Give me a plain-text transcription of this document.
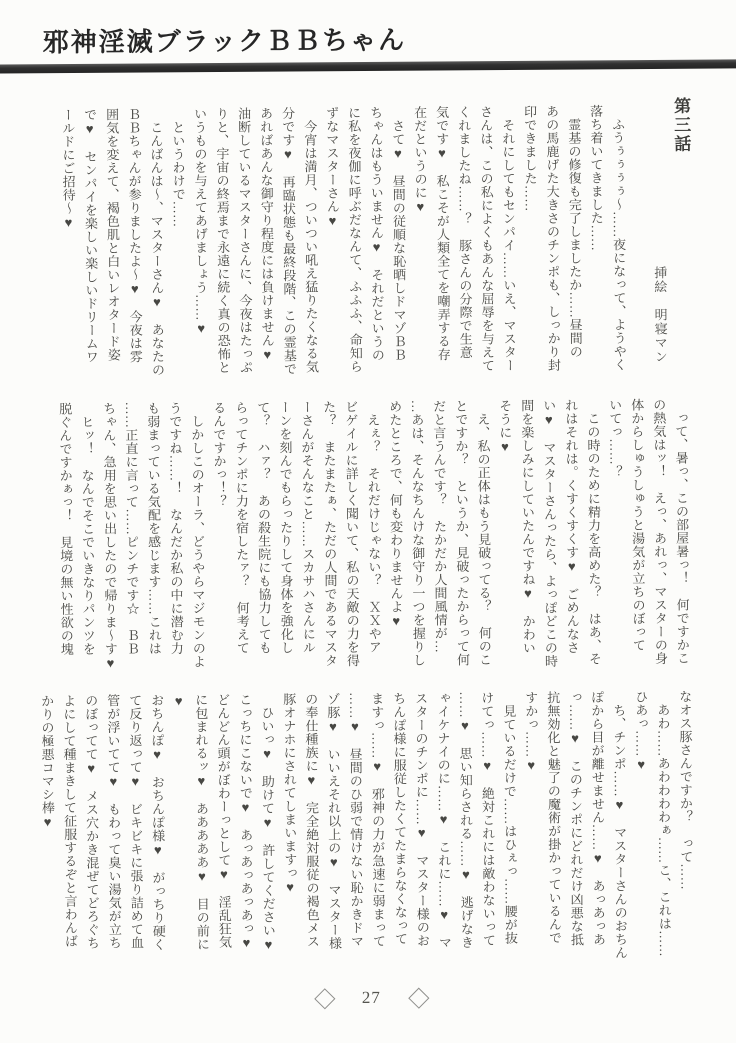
邪神淫滅ブラックＢＢちゃん
第三話
挿絵　明寝マン
　ふうぅぅぅぅ～……夜になって、ようやく
落ち着いてきました……
　霊基の修復も完了しましたか……昼間の
あの馬鹿げた大きさのチンポも、しっかり封
印できました……
　それにしてもセンパイ……いえ、マスター
さんは、この私によくもあんな屈辱を与えて
くれましたね……？　豚さんの分際で生意
気です♥　私こそが人類全てを嘲弄する存
在だというのに♥
　さて♥　昼間の従順な恥晒しドマゾＢＢ
ちゃんはもういません♥　それだというの
に私を夜伽に呼ぶだなんて、ふふふ、命知ら
ずなマスターさん♥
　今宵は満月、ついつい吼え猛りたくなる気
分です♥　再臨状態も最終段階、この霊基で
あればあんな御守り程度には負けません♥
油断しているマスターさんに、今夜はたっぷ
りと、宇宙の終焉まで永遠に続く真の恐怖と
いうものを与えてあげましょう……♥
　というわけで……
　こんばんは～、マスターさん♥　あなたの
ＢＢちゃんが参りましたよ～♥　今夜は雰
囲気を変えて、褐色肌と白いレオタード姿
で♥　センパイを楽しい楽しいドリームワ
ールドにご招待～♥
　って、暑っ、この部屋暑っ！　何ですかこ
の熱気はッ！　えっ、あれっ、マスターの身
体からしゅうしゅうと湯気が立ちのぼって
いてっ……？
　この時のために精力を高めた？　はあ、そ
れはそれは。くすくすくす♥　ごめんなさ
い♥　マスターさんったら、よっぽどこの時
間を楽しみにしていたんですね♥　かわい
そうに♥
　え、私の正体はもう見破ってる？　何のこ
とですか？　というか、見破ったからって何
だと言うんです？　たかだか人間風情が…
…あは、そんなちんけな御守り一つを握りし
めたところで、何も変わりませんよ♥
　えぇ？　それだけじゃない？　ＸＸやア
ビゲイルに詳しく聞いて、私の天敵の力を得
た？　またまたぁ、ただの人間であるマスタ
ーさんがそんなこと……スカサハさんにル
ーンを刻んでもらったりして身体を強化し
て？　ハァ？　あの殺生院にも協力しても
らってチンポに力を宿したァ？　何考えて
るんですかっ！？
　しかしこのオーラ、どうやらマジモンのよ
うですね……！　なんだか私の中に潜む力
も弱まっている気配を感じます……これは
……正直に言って……ピンチです☆　ＢＢ
ちゃん、急用を思い出したので帰りま～す♥
　ヒッ！　なんでそこでいきなりパンツを
脱ぐんですかぁっ！　見境の無い性欲の塊
なオス豚さんですか？　って……
　あわ……あわわわわぁ……こ、これは……
ひあっ……♥
　ち、チンポ……♥　マスターさんのおちん
ぽから目が離せません……♥　あっあっあ
っ……♥　このチンポにどれだけ凶悪な抵
抗無効化と魅了の魔術が掛かっているんで
すかっ……♥
　見ているだけで……はひぇっ……腰が抜
けてっ……♥　絶対これには敵わないって
……♥　思い知らされる……♥　逃げなき
ゃイケナイのに……♥　これに……♥　マ
スターのチンポに……♥　マスター様のお
ちんぽ様に服従したくてたまらなくなって
ますっ……♥　邪神の力が急速に弱まって
……♥　昼間のひ弱で情けない恥かきドマ
ゾ豚♥　いいえそれ以上の♥　マスター様
の奉仕種族に♥　完全絶対服従の褐色メス
豚オナホにされてしまいますっ♥
　ひいっ♥　助けて♥　許してください♥
こっちにこないで♥　あっあっあっあっ♥
どんどん頭がぼわーっとして♥　淫乱狂気
に包まれるッ♥　あああああ♥　目の前に♥
おちんぽ♥　おちんぽ様♥　がっちり硬く
て反り返って♥　ビキビキに張り詰めて血
管が浮いてて♥　もわって臭い湯気が立ち
のぼってて♥　メス穴かき混ぜてどろぐち
よにして種まきして征服するぞと言わんば
かりの極悪コマシ棒♥
27
